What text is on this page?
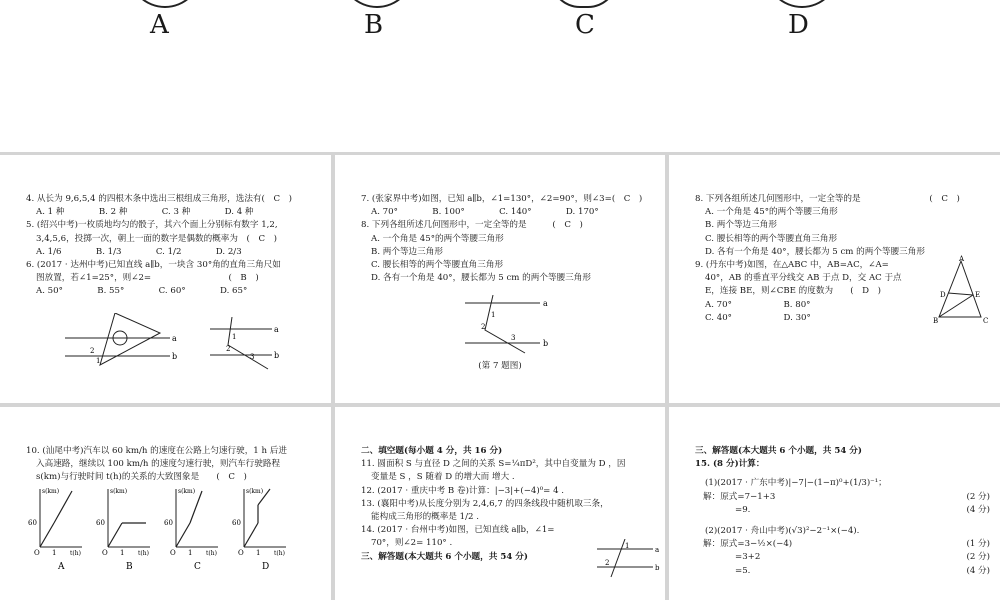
A	B	C	D

4. 从长为 9,6,5,4 的四根木条中选出三根组成三角形，选法有(　C　)

A. 1 种　　　　B. 2 种　　　　C. 3 种　　　　D. 4 种

5. (绍兴中考)一枚质地均匀的骰子，其六个面上分别标有数字 1,2,

3,4,5,6，投掷一次，朝上一面的数字是偶数的概率为　(　C　)

A. 1/6　　　　B. 1/3　　　　C. 1/2　　　　D. 2/3

6. (2017 · 达州中考)已知直线 a∥b，一块含 30°角的直角三角尺如

图放置，若∠1=25°，则∠2=　　　　　　　　　(　B　)

A. 50°　　　　B. 55°　　　　C. 60°　　　　D. 65°

a
b
2
1
a
b
1
2
3

7. (张家界中考)如图，已知 a∥b，∠1=130°，∠2=90°，则∠3=(　C　)

A. 70°　　　　B. 100°　　　　C. 140°　　　　D. 170°

8. 下列各组所述几何图形中，一定全等的是　　　(　C　)

A. 一个角是 45°的两个等腰三角形

B. 两个等边三角形

C. 腰长相等的两个等腰直角三角形

D. 各有一个角是 40°，腰长都为 5 cm 的两个等腰三角形

a
b
1
2
3

(第 7 题图)

8. 下列各组所述几何图形中，一定全等的是　　　　　　　　(　C　)

A. 一个角是 45°的两个等腰三角形

B. 两个等边三角形

C. 腰长相等的两个等腰直角三角形

D. 各有一个角是 40°，腰长都为 5 cm 的两个等腰三角形

9. (丹东中考)如图，在△ABC 中，AB=AC，∠A=

40°，AB 的垂直平分线交 AB 于点 D，交 AC 于点

E，连接 BE，则∠CBE 的度数为　　(　D　)

A. 70°　　　　　　B. 80°

C. 40°　　　　　　D. 30°

A
D	E
B	C

10. (汕尾中考)汽车以 60 km/h 的速度在公路上匀速行驶，1 h 后进

入高速路，继续以 100 km/h 的速度匀速行驶，则汽车行驶路程

s(km)与行驶时间 t(h)的关系的大致图象是　　(　C　)

s(km)
60
O 1 t(h)
s(km)
60
O 1 t(h)
s(km)
60
O 1 t(h)
s(km)
60
O 1 t(h)
A	B	C	D

二、填空题(每小题 4 分，共 16 分)

11. 圆面积 S 与直径 D 之间的关系 S=¼πD²，其中自变量为 D ，因

变量是 S ，S 随着 D 的增大而 增大 .

12. (2017 · 重庆中考 B 卷)计算：|−3|+(−4)⁰= 4 .

13. (襄阳中考)从长度分别为 2,4,6,7 的四条线段中随机取三条，

能构成三角形的概率是 1/2 .

14. (2017 · 台州中考)如图，已知直线 a∥b，∠1=

70°，则∠2= 110° .

三、解答题(本大题共 6 个小题，共 54 分)

a
b
1
2

三、解答题(本大题共 6 个小题，共 54 分)

15. (8 分)计算：

(1)(2017 · 广东中考)|−7|−(1−π)⁰+(1/3)⁻¹；

解：原式=7−1+3	(2 分)
=9.	(4 分)

(2)(2017 · 舟山中考)(√3)²−2⁻¹×(−4).

解：原式=3−½×(−4)	(1 分)
=3+2	(2 分)
=5.	(4 分)
